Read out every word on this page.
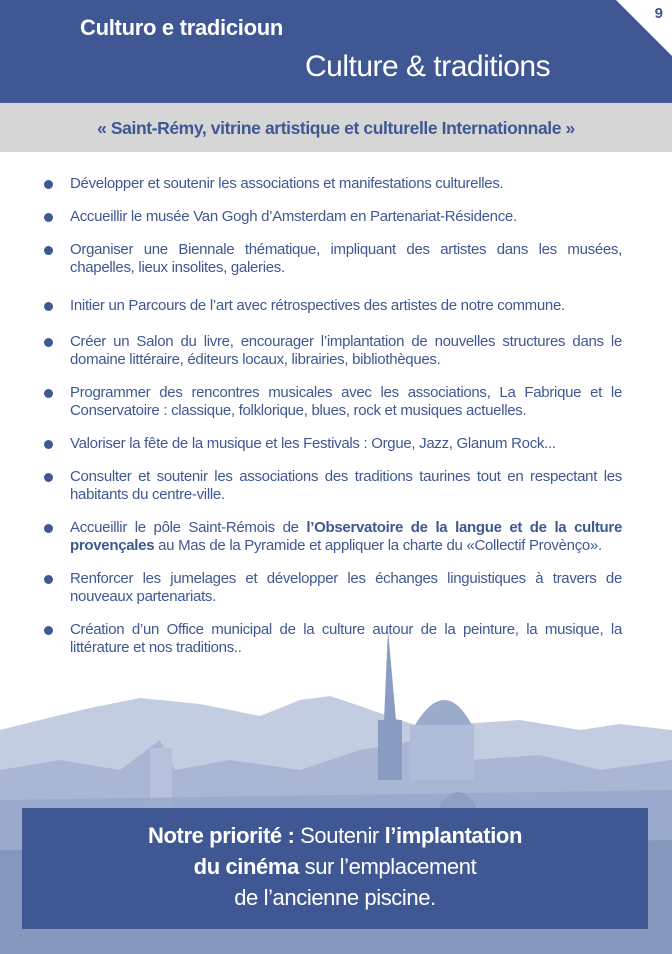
Culturo e tradicioun
Culture & traditions
9
« Saint-Rémy, vitrine artistique et culturelle Internationnale »
Développer et soutenir les associations et manifestations culturelles.
Accueillir le musée Van Gogh d’Amsterdam en Partenariat-Résidence.
Organiser une Biennale thématique, impliquant des artistes dans les musées, chapelles, lieux insolites, galeries.
Initier un Parcours de l’art avec rétrospectives des artistes de notre commune.
Créer un Salon du livre, encourager l’implantation de nouvelles structures dans le domaine littéraire, éditeurs locaux, librairies, bibliothèques.
Programmer des rencontres musicales avec les associations, La Fabrique et le Conservatoire : classique, folklorique, blues, rock et musiques actuelles.
Valoriser la fête de la musique et les Festivals : Orgue, Jazz, Glanum Rock...
Consulter et soutenir les associations des traditions taurines tout en respectant les habitants du centre-ville.
Accueillir le pôle Saint-Rémois de l’Observatoire de la langue et de la culture provençales au Mas de la Pyramide et appliquer la charte du «Collectif Provènço».
Renforcer les jumelages et développer les échanges linguistiques à travers de nouveaux partenariats.
Création d’un Office municipal de la culture autour de la peinture, la musique, la littérature et nos traditions..
Notre priorité : Soutenir l’implantation
du cinéma sur l’emplacement
de l’ancienne piscine.
